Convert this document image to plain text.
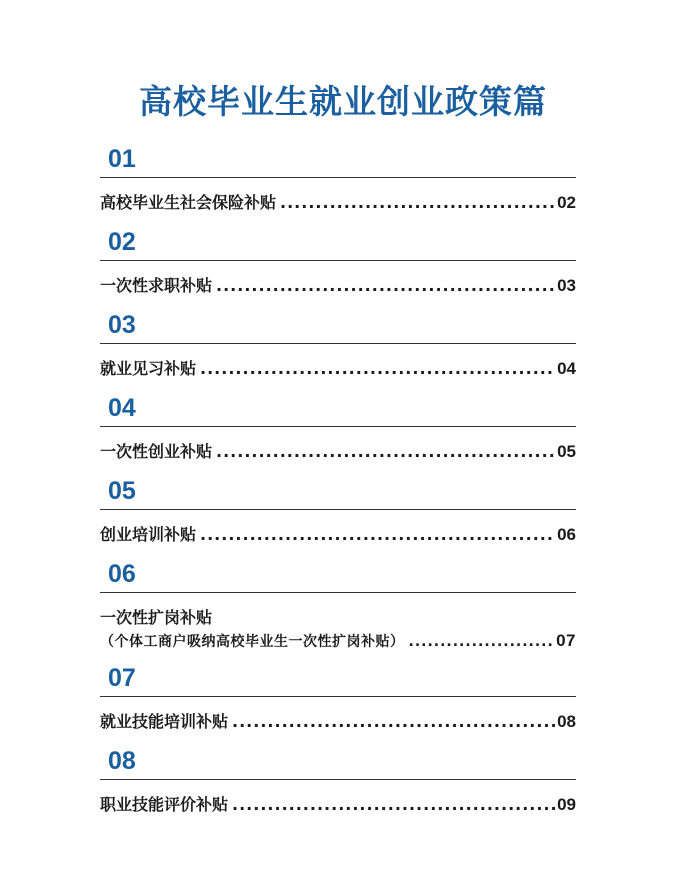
高校毕业生就业创业政策篇
01
高校毕业生社会保险补贴 .....	02
02
一次性求职补贴 .....	03
03
就业见习补贴 .....	04
04
一次性创业补贴 .....	05
05
创业培训补贴 .....	06
06
一次性扩岗补贴
（个体工商户吸纳高校毕业生一次性扩岗补贴） .....	07
07
就业技能培训补贴 .....	08
08
职业技能评价补贴 .....	09
